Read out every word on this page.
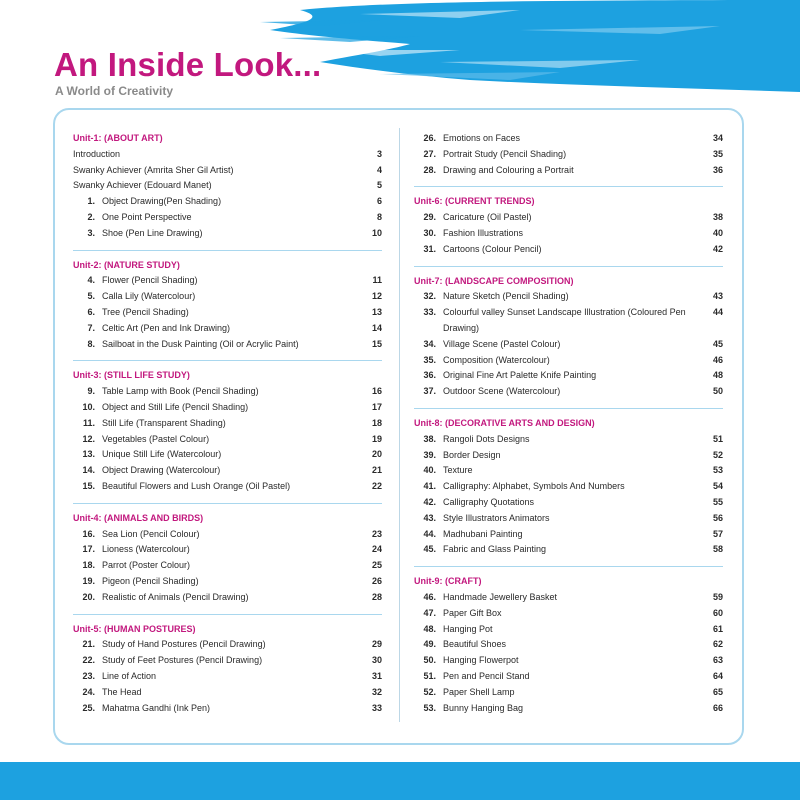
An Inside Look...
A World of Creativity
Unit-1: (ABOUT ART)
Introduction	3
Swanky Achiever (Amrita Sher Gil Artist)	4
Swanky Achiever (Edouard Manet)	5
1. Object Drawing(Pen Shading)	6
2. One Point Perspective	8
3. Shoe (Pen Line Drawing)	10
Unit-2: (NATURE STUDY)
4. Flower (Pencil Shading)	11
5. Calla Lily (Watercolour)	12
6. Tree (Pencil Shading)	13
7. Celtic Art (Pen and Ink Drawing)	14
8. Sailboat in the Dusk Painting (Oil or Acrylic Paint)	15
Unit-3: (STILL LIFE STUDY)
9. Table Lamp with Book (Pencil Shading)	16
10. Object and Still Life (Pencil Shading)	17
11. Still Life (Transparent Shading)	18
12. Vegetables (Pastel Colour)	19
13. Unique Still Life (Watercolour)	20
14. Object Drawing (Watercolour)	21
15. Beautiful Flowers and Lush Orange (Oil Pastel)	22
Unit-4: (ANIMALS AND BIRDS)
16. Sea Lion (Pencil Colour)	23
17. Lioness (Watercolour)	24
18. Parrot (Poster Colour)	25
19. Pigeon (Pencil Shading)	26
20. Realistic of Animals (Pencil Drawing)	28
Unit-5: (HUMAN POSTURES)
21. Study of Hand Postures (Pencil Drawing)	29
22. Study of Feet Postures (Pencil Drawing)	30
23. Line of Action	31
24. The Head	32
25. Mahatma Gandhi (Ink Pen)	33
26. Emotions on Faces	34
27. Portrait Study (Pencil Shading)	35
28. Drawing and Colouring a Portrait	36
Unit-6: (CURRENT TRENDS)
29. Caricature (Oil Pastel)	38
30. Fashion Illustrations	40
31. Cartoons (Colour Pencil)	42
Unit-7: (LANDSCAPE COMPOSITION)
32. Nature Sketch (Pencil Shading)	43
33. Colourful valley Sunset Landscape Illustration (Coloured Pen Drawing)
44
34. Village Scene (Pastel Colour)	45
35. Composition (Watercolour)	46
36. Original Fine Art Palette Knife Painting	48
37. Outdoor Scene (Watercolour)	50
Unit-8: (DECORATIVE ARTS AND DESIGN)
38. Rangoli Dots Designs	51
39. Border Design	52
40. Texture	53
41. Calligraphy: Alphabet, Symbols And Numbers	54
42. Calligraphy Quotations	55
43. Style Illustrators Animators	56
44. Madhubani Painting	57
45. Fabric and Glass Painting	58
Unit-9: (CRAFT)
46. Handmade Jewellery Basket	59
47. Paper Gift Box	60
48. Hanging Pot	61
49. Beautiful Shoes	62
50. Hanging Flowerpot	63
51. Pen and Pencil Stand	64
52. Paper Shell Lamp	65
53. Bunny Hanging Bag	66
